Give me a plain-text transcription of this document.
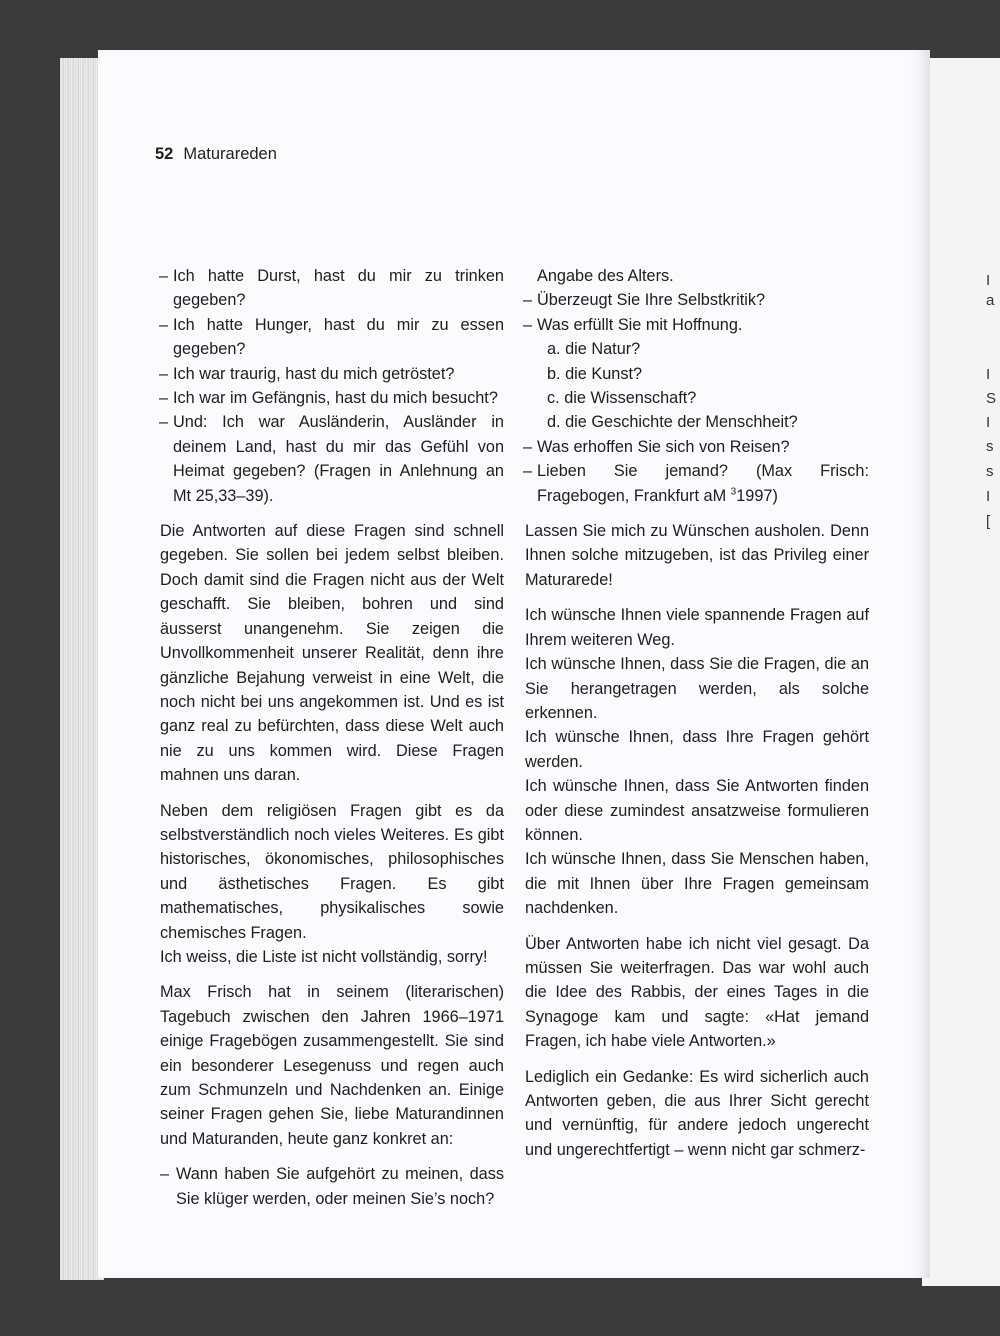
I
a
I
S
I
s
s
I
[
52 Maturareden

– Ich hatte Durst, hast du mir zu trinken gegeben?

– Ich hatte Hunger, hast du mir zu essen gegeben?

– Ich war traurig, hast du mich getröstet?

– Ich war im Gefängnis, hast du mich besucht?

– Und: Ich war Ausländerin, Ausländer in deinem Land, hast du mir das Gefühl von Heimat gegeben? (Fragen in Anlehnung an Mt 25,33–39).

Die Antworten auf diese Fragen sind schnell gegeben. Sie sollen bei jedem selbst bleiben. Doch damit sind die Fragen nicht aus der Welt geschafft. Sie bleiben, bohren und sind äusserst unangenehm. Sie zeigen die Unvollkommenheit unserer Realität, denn ihre gänzliche Bejahung verweist in eine Welt, die noch nicht bei uns angekommen ist. Und es ist ganz real zu befürchten, dass diese Welt auch nie zu uns kommen wird. Diese Fragen mahnen uns daran.

Neben dem religiösen Fragen gibt es da selbstverständlich noch vieles Weiteres. Es gibt historisches, ökonomisches, philosophisches und ästhetisches Fragen. Es gibt mathematisches, physikalisches sowie chemisches Fragen.

Ich weiss, die Liste ist nicht vollständig, sorry!

Max Frisch hat in seinem (literarischen) Tagebuch zwischen den Jahren 1966–1971 einige Fragebögen zusammengestellt. Sie sind ein besonderer Lesegenuss und regen auch zum Schmunzeln und Nachdenken an. Einige seiner Fragen gehen Sie, liebe Maturandinnen und Maturanden, heute ganz konkret an:

– Wann haben Sie aufgehört zu meinen, dass Sie klüger werden, oder meinen Sie’s noch?

Angabe des Alters.

– Überzeugt Sie Ihre Selbstkritik?

– Was erfüllt Sie mit Hoffnung.

a. die Natur?

b. die Kunst?

c. die Wissenschaft?

d. die Geschichte der Menschheit?

– Was erhoffen Sie sich von Reisen?

– Lieben Sie jemand? (Max Frisch: Fragebogen, Frankfurt aM $^3$1997)

Lassen Sie mich zu Wünschen ausholen. Denn Ihnen solche mitzugeben, ist das Privileg einer Maturarede!

Ich wünsche Ihnen viele spannende Fragen auf Ihrem weiteren Weg.

Ich wünsche Ihnen, dass Sie die Fragen, die an Sie herangetragen werden, als solche erkennen.

Ich wünsche Ihnen, dass Ihre Fragen gehört werden.

Ich wünsche Ihnen, dass Sie Antworten finden oder diese zumindest ansatzweise formulieren können.

Ich wünsche Ihnen, dass Sie Menschen haben, die mit Ihnen über Ihre Fragen gemeinsam nachdenken.

Über Antworten habe ich nicht viel gesagt. Da müssen Sie weiterfragen. Das war wohl auch die Idee des Rabbis, der eines Tages in die Synagoge kam und sagte: «Hat jemand Fragen, ich habe viele Antworten.»

Lediglich ein Gedanke: Es wird sicherlich auch Antworten geben, die aus Ihrer Sicht gerecht und vernünftig, für andere jedoch ungerecht und ungerechtfertigt – wenn nicht gar schmerz-
